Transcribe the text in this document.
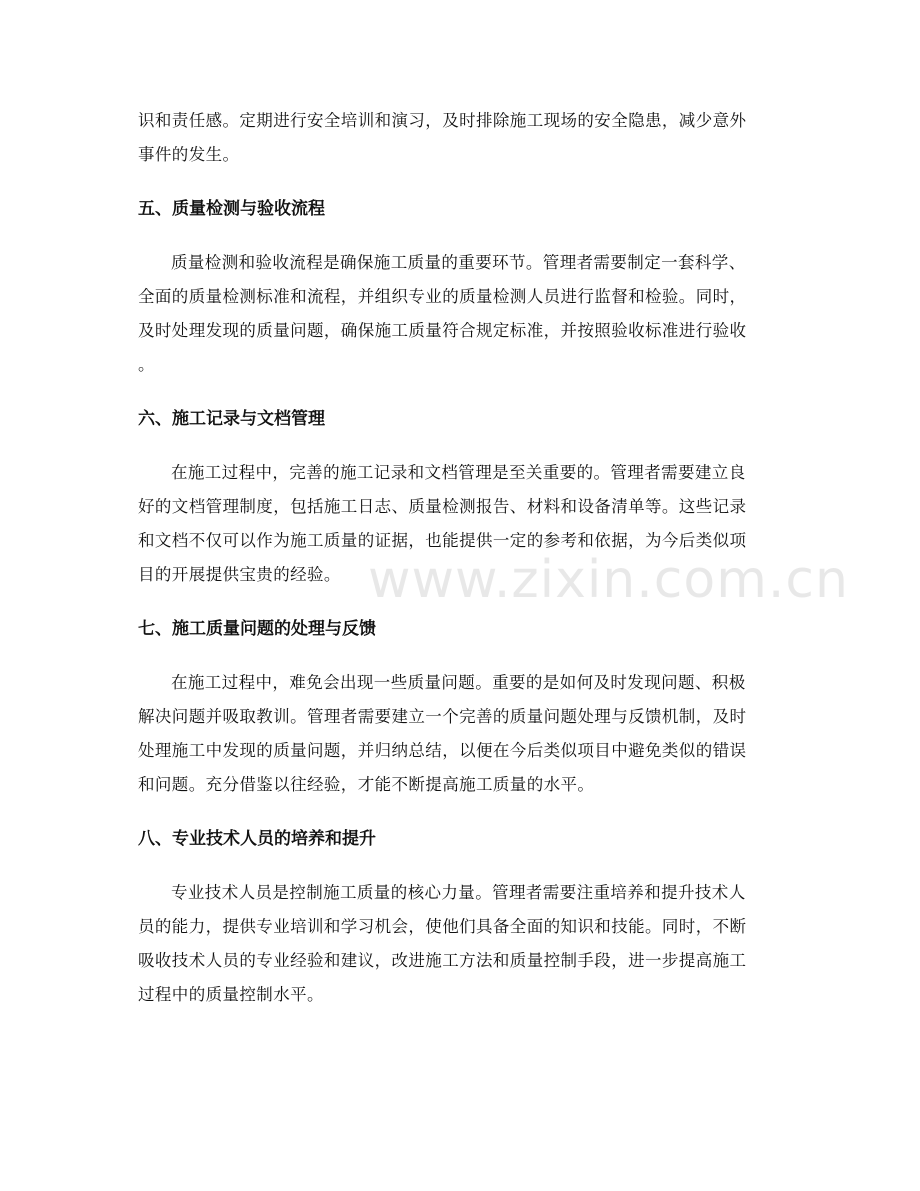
识和责任感。定期进行安全培训和演习，及时排除施工现场的安全隐患，减少意外
事件的发生。
五、质量检测与验收流程
质量检测和验收流程是确保施工质量的重要环节。管理者需要制定一套科学、
全面的质量检测标准和流程，并组织专业的质量检测人员进行监督和检验。同时，
及时处理发现的质量问题，确保施工质量符合规定标准，并按照验收标准进行验收
。
六、施工记录与文档管理
在施工过程中，完善的施工记录和文档管理是至关重要的。管理者需要建立良
好的文档管理制度，包括施工日志、质量检测报告、材料和设备清单等。这些记录
和文档不仅可以作为施工质量的证据，也能提供一定的参考和依据，为今后类似项
目的开展提供宝贵的经验。
七、施工质量问题的处理与反馈
在施工过程中，难免会出现一些质量问题。重要的是如何及时发现问题、积极
解决问题并吸取教训。管理者需要建立一个完善的质量问题处理与反馈机制，及时
处理施工中发现的质量问题，并归纳总结，以便在今后类似项目中避免类似的错误
和问题。充分借鉴以往经验，才能不断提高施工质量的水平。
八、专业技术人员的培养和提升
专业技术人员是控制施工质量的核心力量。管理者需要注重培养和提升技术人
员的能力，提供专业培训和学习机会，使他们具备全面的知识和技能。同时，不断
吸收技术人员的专业经验和建议，改进施工方法和质量控制手段，进一步提高施工
过程中的质量控制水平。
www.zixin.com.cn
